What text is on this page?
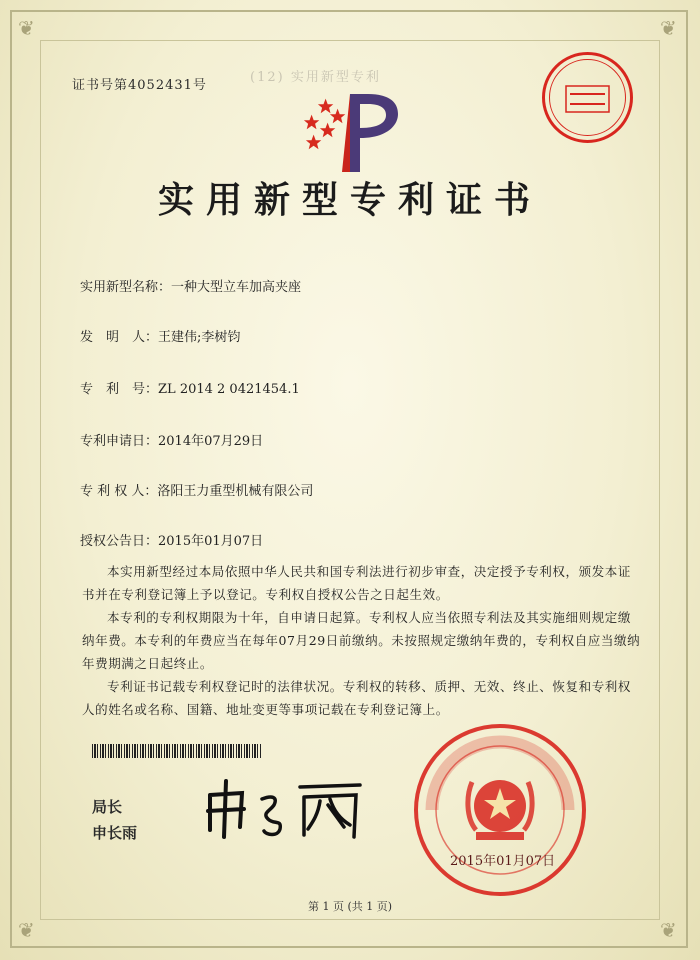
❦	❦
❦	❦
证书号第4052431号
(12) 实用新型专利
实用新型专利证书
实用新型名称：一种大型立车加高夹座
发　明　人：王建伟;李树钧
专　利　号：ZL 2014 2 0421454.1
专利申请日：2014年07月29日
专 利 权 人：洛阳王力重型机械有限公司
授权公告日：2015年01月07日

本实用新型经过本局依照中华人民共和国专利法进行初步审查，决定授予专利权，颁发本证书并在专利登记簿上予以登记。专利权自授权公告之日起生效。

本专利的专利权期限为十年，自申请日起算。专利权人应当依照专利法及其实施细则规定缴纳年费。本专利的年费应当在每年07月29日前缴纳。未按照规定缴纳年费的，专利权自应当缴纳年费期满之日起终止。

专利证书记载专利权登记时的法律状况。专利权的转移、质押、无效、终止、恢复和专利权人的姓名或名称、国籍、地址变更等事项记载在专利登记簿上。

局长
申长雨
2015年01月07日
第 1 页 (共 1 页)
